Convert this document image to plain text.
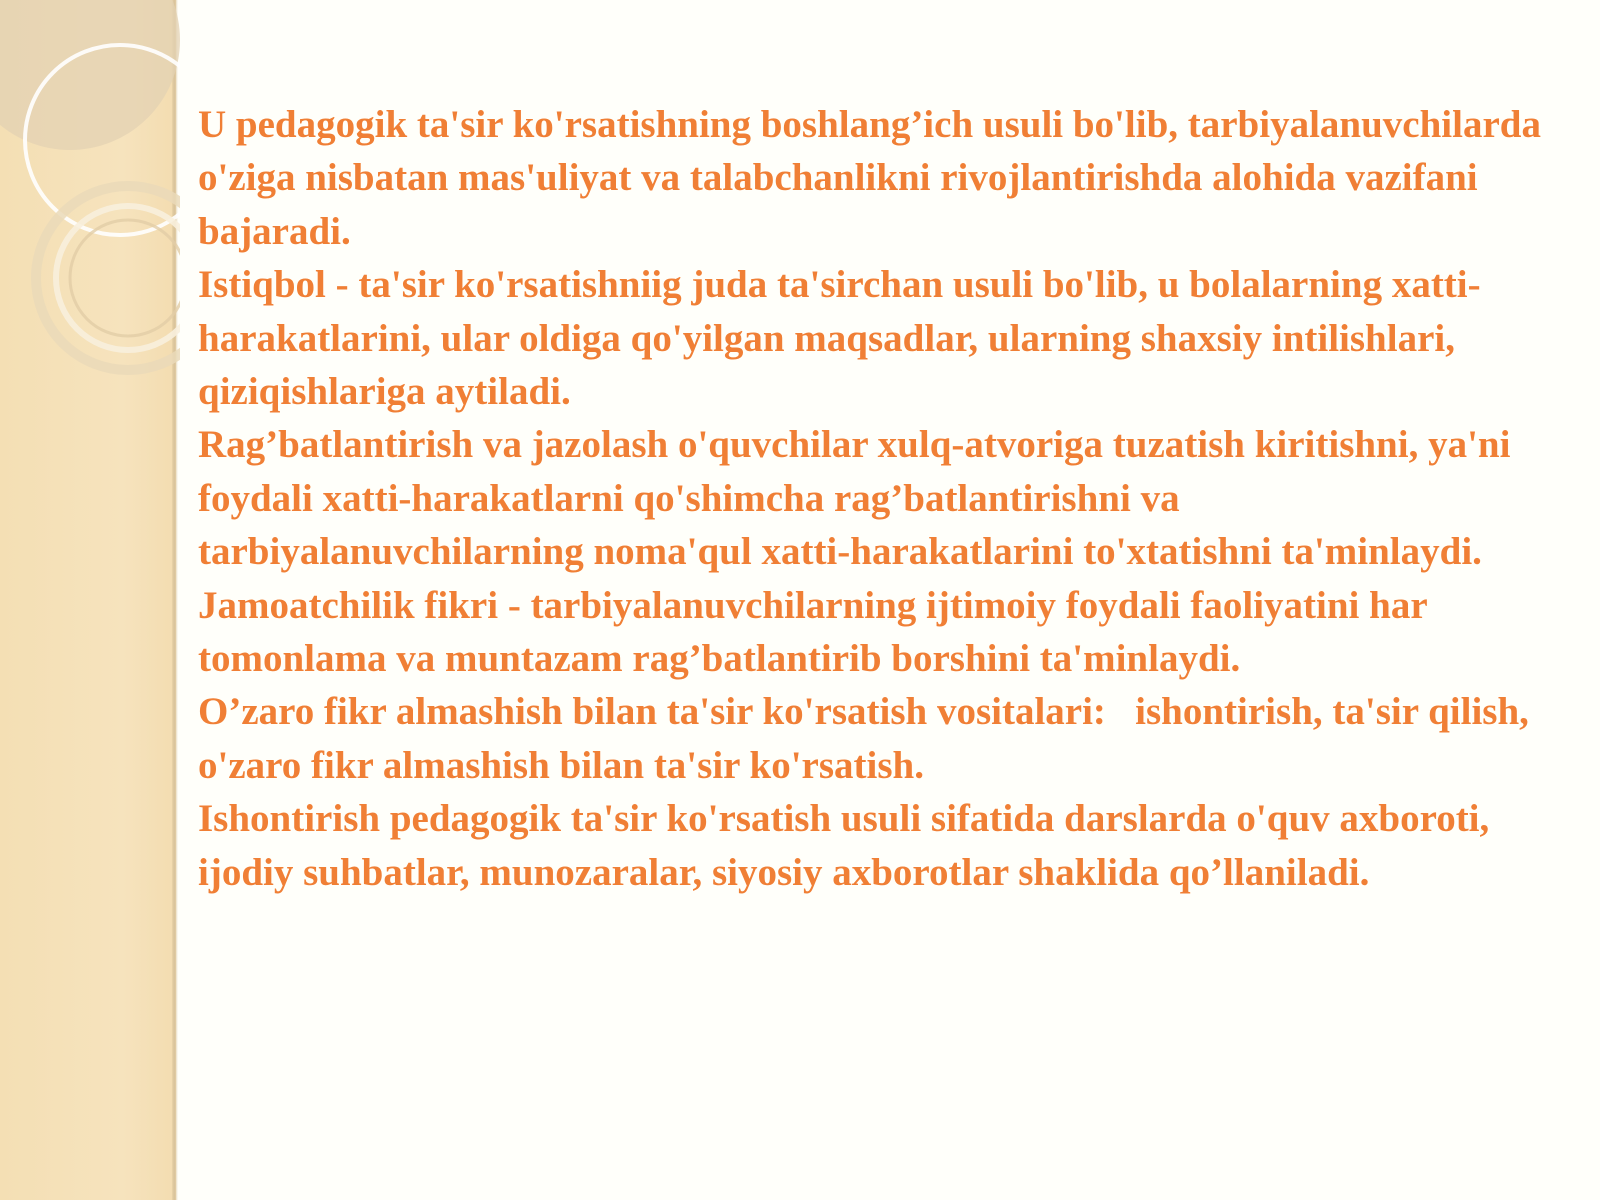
U pedagogik ta'sir ko'rsatishning boshlang’ich usuli bo'lib, tarbiyalanuvchilarda o'ziga nisbatan mas'uliyat va talabchanlikni rivojlantirishda alohida vazifani bajaradi.

Istiqbol - ta'sir ko'rsatishniig juda ta'sirchan usuli bo'lib, u bolalarning xatti-harakatlarini, ular oldiga qo'yilgan maqsadlar, ularning shaxsiy intilishlari, qiziqishlariga aytiladi.

Rag’batlantirish va jazolash o'quvchilar xulq-atvoriga tuzatish kiritishni, ya'ni foydali xatti-harakatlarni qo'shimcha rag’batlantirishni va tarbiyalanuvchilarning noma'qul xatti-harakatlarini to'xtatishni ta'minlaydi.

Jamoatchilik fikri - tarbiyalanuvchilarning ijtimoiy foydali faoliyatini har tomonlama va muntazam rag’batlantirib borshini ta'minlaydi.

O’zaro fikr almashish bilan ta'sir ko'rsatish vositalari:   ishontirish, ta'sir qilish, o'zaro fikr almashish bilan ta'sir ko'rsatish.

Ishontirish pedagogik ta'sir ko'rsatish usuli sifatida darslarda o'quv axboroti, ijodiy suhbatlar, munozaralar, siyosiy axborotlar shaklida qo’llaniladi.
